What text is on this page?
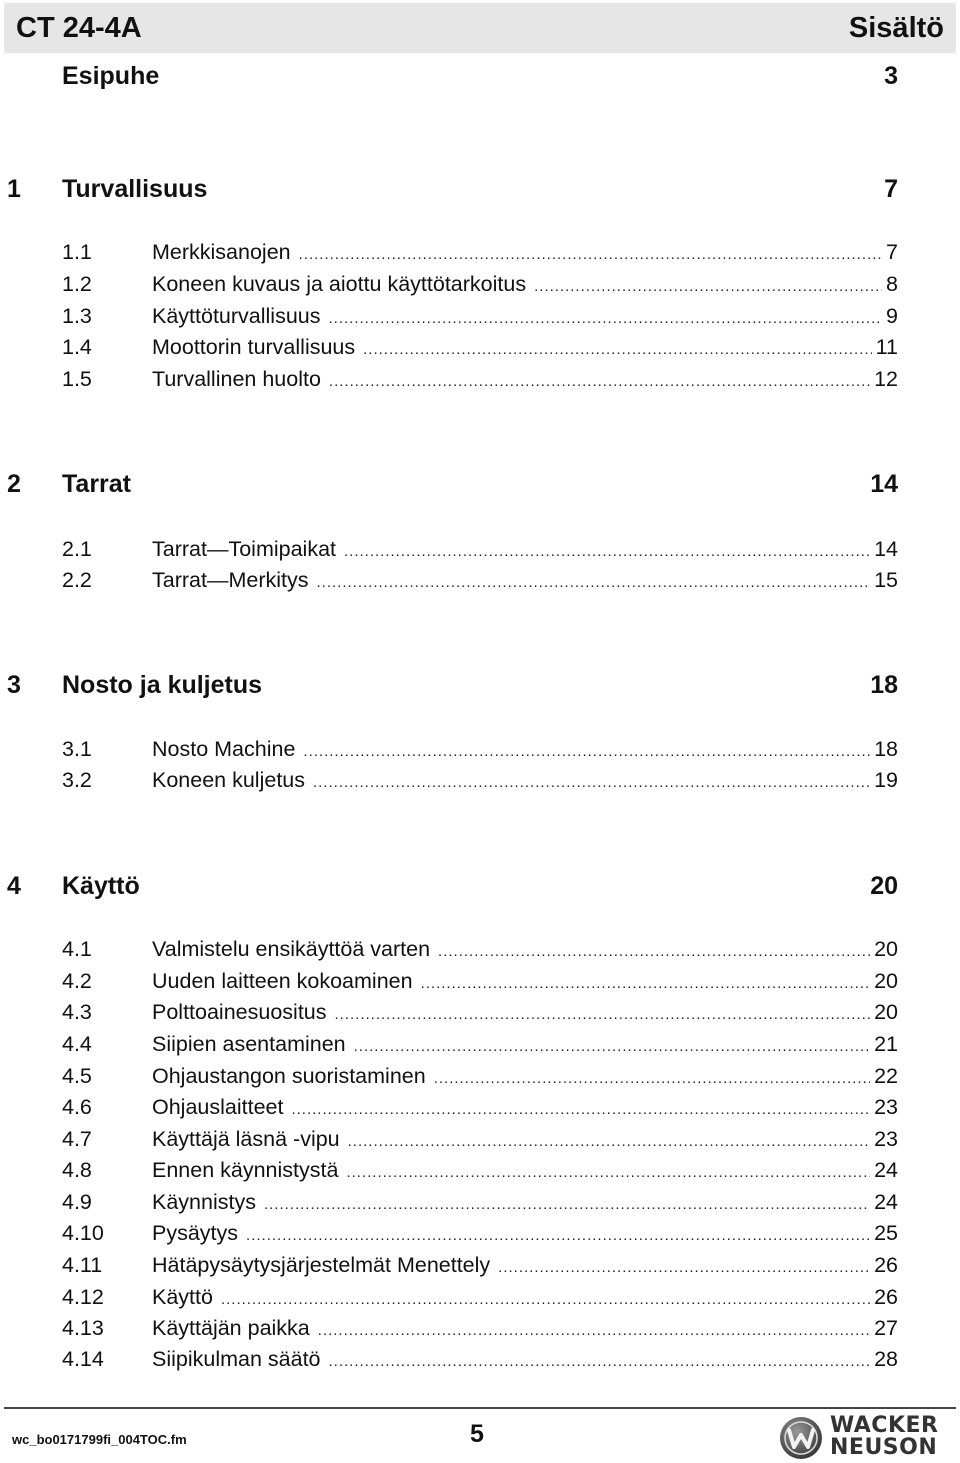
CT 24-4A	Sisältö
Esipuhe	3
1 Turvallisuus	7
1.1	Merkkisanojen .....	7
1.2	Koneen kuvaus ja aiottu käyttötarkoitus .....	8
1.3	Käyttöturvallisuus .....	9
1.4	Moottorin turvallisuus .....	11
1.5	Turvallinen huolto .....	12
2 Tarrat	14
2.1	Tarrat—Toimipaikat .....	14
2.2	Tarrat—Merkitys .....	15
3 Nosto ja kuljetus	18
3.1	Nosto Machine .....	18
3.2	Koneen kuljetus .....	19
4 Käyttö	20
4.1	Valmistelu ensikäyttöä varten .....	20
4.2	Uuden laitteen kokoaminen .....	20
4.3	Polttoainesuositus .....	20
4.4	Siipien asentaminen .....	21
4.5	Ohjaustangon suoristaminen .....	22
4.6	Ohjauslaitteet .....	23
4.7	Käyttäjä läsnä -vipu .....	23
4.8	Ennen käynnistystä .....	24
4.9	Käynnistys .....	24
4.10 Pysäytys .....	25
4.11 Hätäpysäytysjärjestelmät Menettely .....	26
4.12 Käyttö .....	26
4.13 Käyttäjän paikka .....	27
4.14 Siipikulman säätö .....	28
wc_bo0171799fi_004TOC.fm	5	WACKER
NEUSON
